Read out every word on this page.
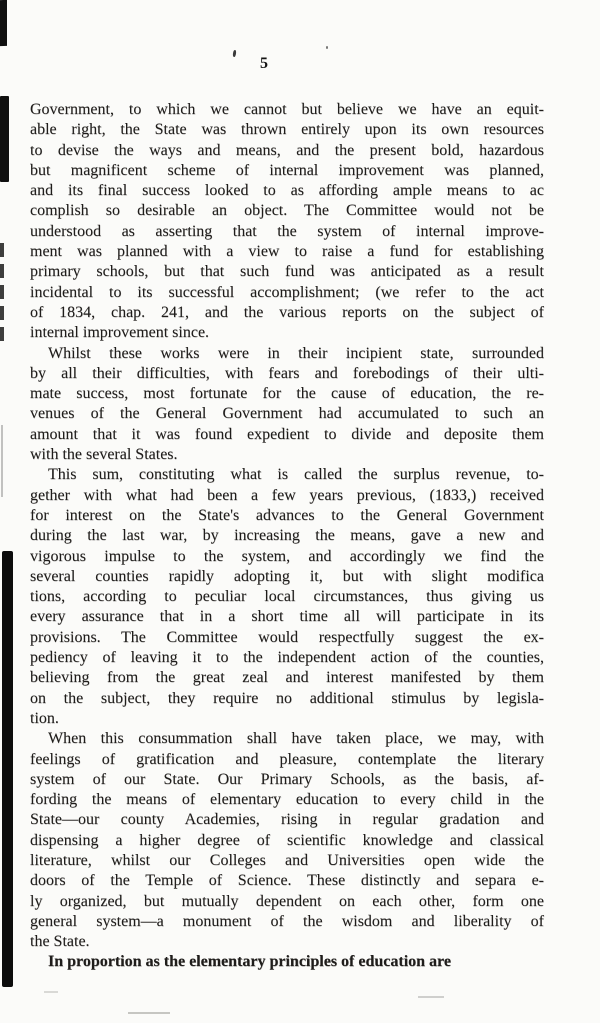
5
Government, to which we cannot but believe we have an equit-
able right, the State was thrown entirely upon its own resources
to devise the ways and means, and the present bold, hazardous
but magnificent scheme of internal improvement was planned,
and its final success looked to as affording ample means to ac
complish so desirable an object. The Committee would not be
understood as asserting that the system of internal improve-
ment was planned with a view to raise a fund for establishing
primary schools, but that such fund was anticipated as a result
incidental to its successful accomplishment; (we refer to the act
of 1834, chap. 241, and the various reports on the subject of
internal improvement since.
Whilst these works were in their incipient state, surrounded
by all their difficulties, with fears and forebodings of their ulti-
mate success, most fortunate for the cause of education, the re-
venues of the General Government had accumulated to such an
amount that it was found expedient to divide and deposite them
with the several States.
This sum, constituting what is called the surplus revenue, to-
gether with what had been a few years previous, (1833,) received
for interest on the State's advances to the General Government
during the last war, by increasing the means, gave a new and
vigorous impulse to the system, and accordingly we find the
several counties rapidly adopting it, but with slight modifica
tions, according to peculiar local circumstances, thus giving us
every assurance that in a short time all will participate in its
provisions. The Committee would respectfully suggest the ex-
pediency of leaving it to the independent action of the counties,
believing from the great zeal and interest manifested by them
on the subject, they require no additional stimulus by legisla-
tion.
When this consummation shall have taken place, we may, with
feelings of gratification and pleasure, contemplate the literary
system of our State. Our Primary Schools, as the basis, af-
fording the means of elementary education to every child in the
State—our county Academies, rising in regular gradation and
dispensing a higher degree of scientific knowledge and classical
literature, whilst our Colleges and Universities open wide the
doors of the Temple of Science. These distinctly and separa e-
ly organized, but mutually dependent on each other, form one
general system—a monument of the wisdom and liberality of
the State.
In proportion as the elementary principles of education are
